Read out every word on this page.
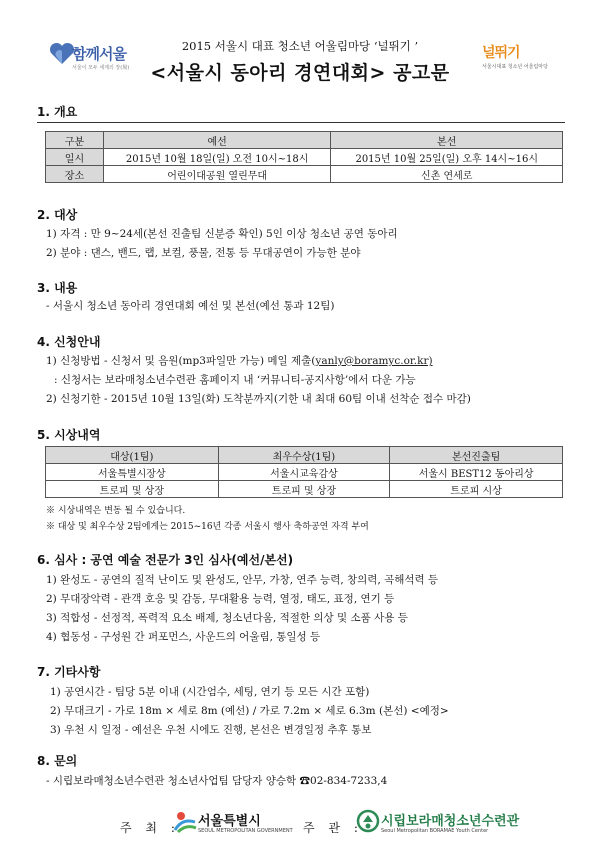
함께서울
서울이 모두 세계의 장(場)
2015 서울시 대표 청소년 어울림마당 ‘널뛰기 ’
<서울시 동아리 경연대회> 공고문
널뛰기
서울시대표 청소년 어울림마당
1. 개요
구분	예선	본선
일시	2015년 10월 18일(일) 오전 10시~18시	2015년 10월 25일(일) 오후 14시~16시
장소	어린이대공원 열린무대	신촌 연세로
2. 대상
1) 자격 : 만 9~24세(본선 진출팀 신분증 확인) 5인 이상 청소년 공연 동아리
2) 분야 : 댄스, 밴드, 랩, 보컬, 풍물, 전통 등 무대공연이 가능한 분야
3. 내용
- 서울시 청소년 동아리 경연대회 예선 및 본선(예선 통과 12팀)
4. 신청안내
1) 신청방법 - 신청서 및 음원(mp3파일만 가능) 메일 제출(yanly@boramyc.or.kr)
: 신청서는 보라매청소년수련관 홈페이지 내 ‘커뮤니티-공지사항’에서 다운 가능
2) 신청기한 - 2015년 10월 13일(화) 도착분까지(기한 내 최대 60팀 이내 선착순 접수 마감)
5. 시상내역
대상(1팀)	최우수상(1팀)	본선진출팀
서울특별시장상	서울시교육감상	서울시 BEST12 동아리상
트로피 및 상장	트로피 및 상장	트로피 시상
※ 시상내역은 변동 될 수 있습니다.
※ 대상 및 최우수상 2팀에게는 2015~16년 각종 서울시 행사 축하공연 자격 부여
6. 심사 : 공연 예술 전문가 3인 심사(예선/본선)
1) 완성도 - 공연의 질적 난이도 및 완성도, 안무, 가창, 연주 능력, 창의력, 곡해석력 등
2) 무대장악력 - 관객 호응 및 감동, 무대활용 능력, 열정, 태도, 표정, 연기 등
3) 적합성 - 선정적, 폭력적 요소 배제, 청소년다움, 적절한 의상 및 소품 사용 등
4) 협동성 - 구성원 간 퍼포먼스, 사운드의 어울림, 통일성 등
7. 기타사항
1) 공연시간 - 팀당 5분 이내 (시간엄수, 세팅, 연기 등 모든 시간 포함)
2) 무대크기 - 가로 18m × 세로 8m (예선) / 가로 7.2m × 세로 6.3m (본선) <예정>
3) 우천 시 일정 - 예선은 우천 시에도 진행, 본선은 변경일정 추후 통보
8. 문의
- 시립보라매청소년수련관 청소년사업팀 담당자 양승학 ☎02-834-7233,4
주 최 : 서울특별시
SEOUL METROPOLITAN GOVERNMENT 주 관 : 시립보라매청소년수련관
Seoul Metropolitan BORAMAE Youth Center
